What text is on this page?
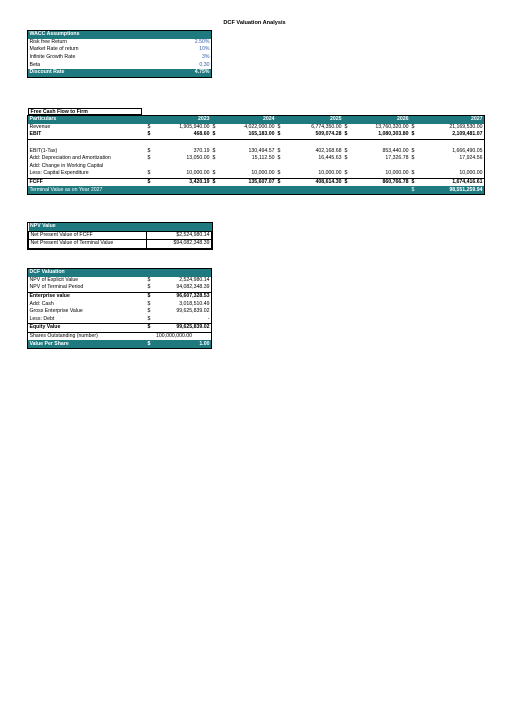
DCF Valuation Analysis
WACC Assumptions	
Risk free Return	2.50%
Market Rate of return	10%
Infinite Growth Rate	3%
Beta	0.30
Discount Rate	4.75%
Free Cash Flow to Firm
Particulars		2023		2024		2025		2026		2027
Revenue	$	1,905,940.00	$	4,022,000.00	$	6,774,350.00	$	13,760,320.00	$	21,169,530.00
EBIT	$	468.60	$	165,183.00	$	509,074.28	$	1,080,303.80	$	2,109,481.07

EBIT(1-Tax)	$	370.19	$	130,494.57	$	402,168.68	$	853,440.00	$	1,666,490.05
Add: Depreciation and Amortization	$	13,050.00	$	15,112.50	$	16,445.63	$	17,326.78	$	17,924.56
Add: Change in Working Capital										
Less: Capital Expenditure	$	10,000.00	$	10,000.00	$	10,000.00	$	10,000.00	$	10,000.00
FCFF	$	3,420.19	$	135,607.07	$	408,614.30	$	860,766.78	$	1,674,416.61
Terminal Value as on Year 2027									$	98,551,259.94
NPV Value	
Net Present Value of FCFF	$2,524,980.14
Net Present Value of Terminal Value	$94,082,348.39
DCF Valuation		
NPV of Explicit Value	$	2,524,980.14
NPV of Terminal Period	$	94,082,348.39
Enterprise value	$	96,607,328.53
Add: Cash	$	3,018,510.49
Gross Enterprise Value	$	99,625,839.02
Less: Debt	$	-
Equity Value	$	99,625,839.02
Shares Outstanding (number)	100,000,000.00	
Value Per Share	$	1.00
